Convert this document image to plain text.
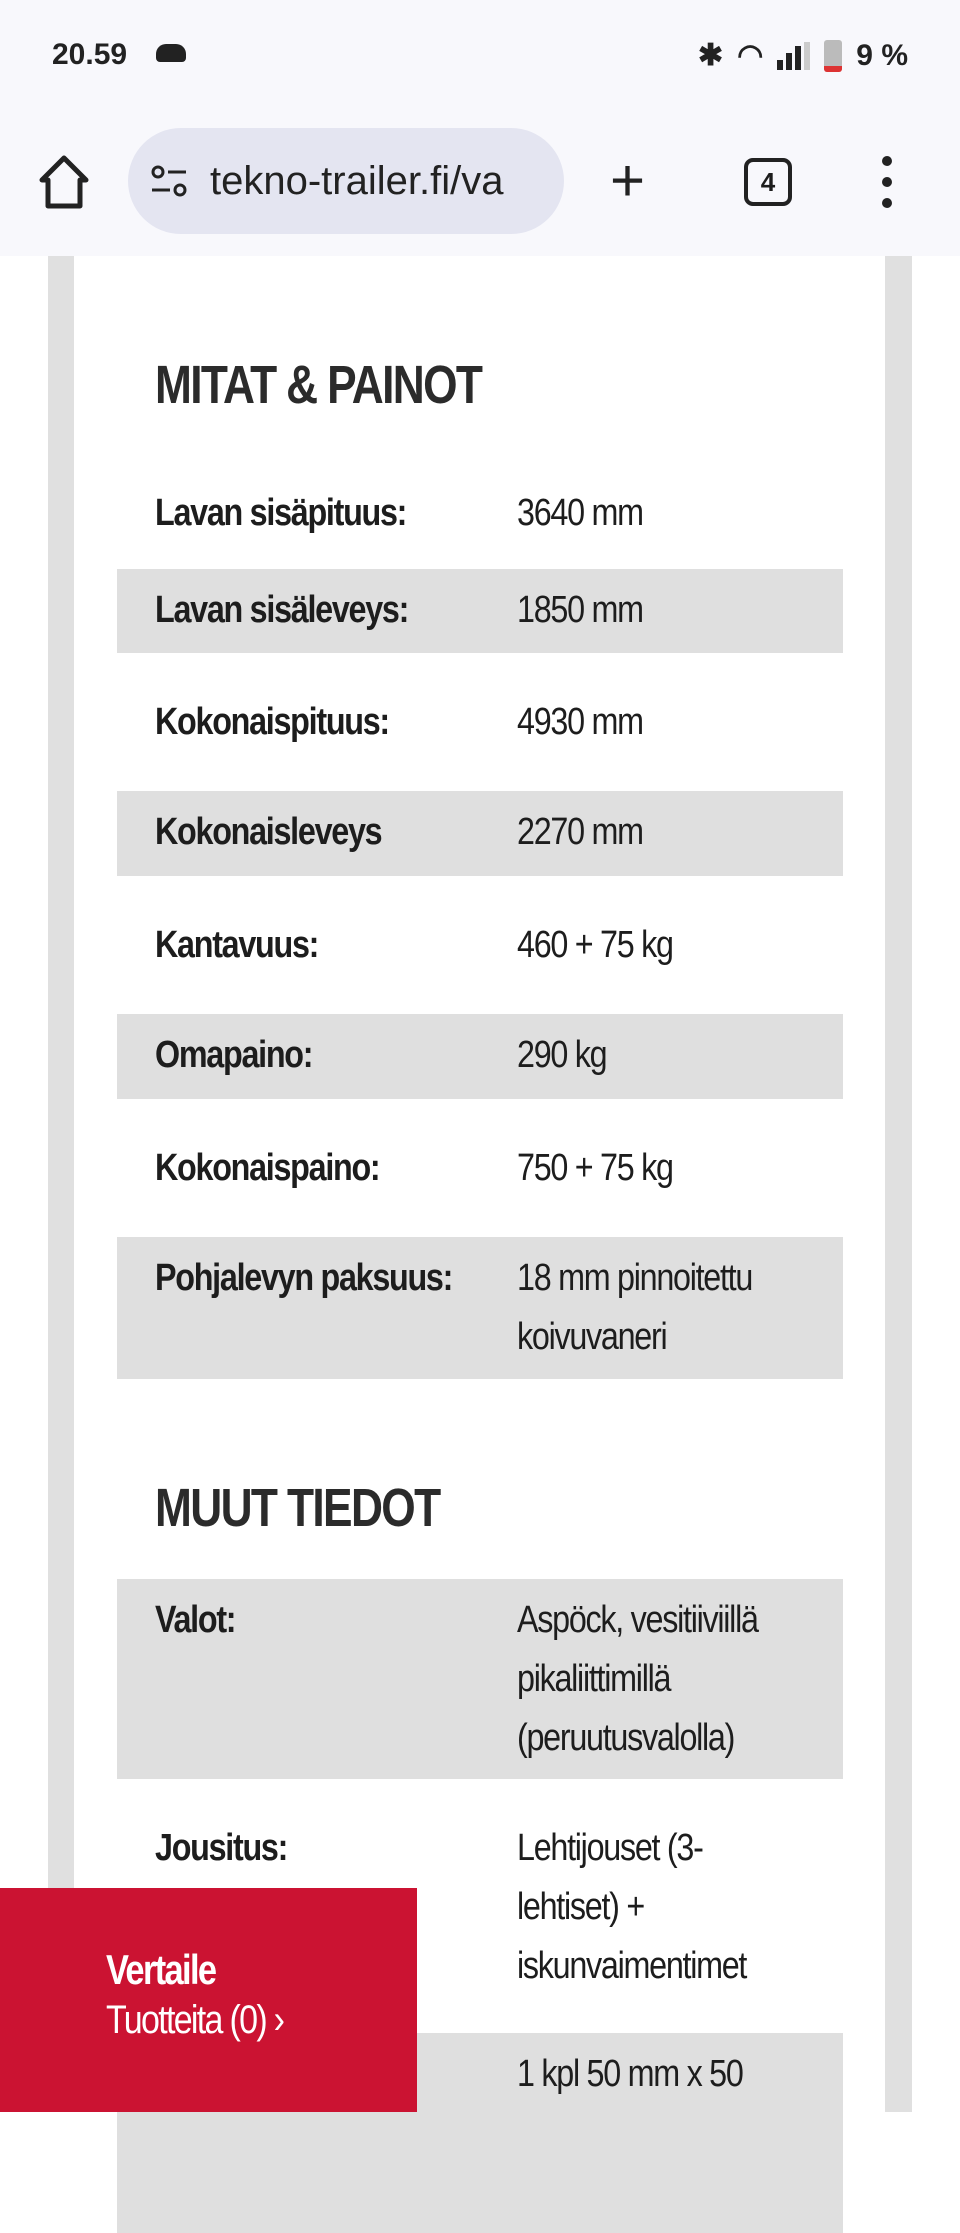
20.59	✱ ◠	9 %
tekno-trailer.fi/va +	4
MITAT & PAINOT
Lavan sisäpituus:	3640 mm
Lavan sisäleveys:	1850 mm
Kokonaispituus:	4930 mm
Kokonaisleveys	2270 mm
Kantavuus:	460 + 75 kg
Omapaino:	290 kg
Kokonaispaino:	750 + 75 kg
Pohjalevyn paksuus: 18 mm pinnoitettu koivuvaneri
MUUT TIEDOT
Valot:	Aspöck, vesitiiviillä pikaliittimillä (peruutusvalolla)
Jousitus:	Lehtijouset (3-lehtiset) + iskunvaimentimet
1 kpl 50 mm x 50
Vertaile
Tuotteita (0) ›
